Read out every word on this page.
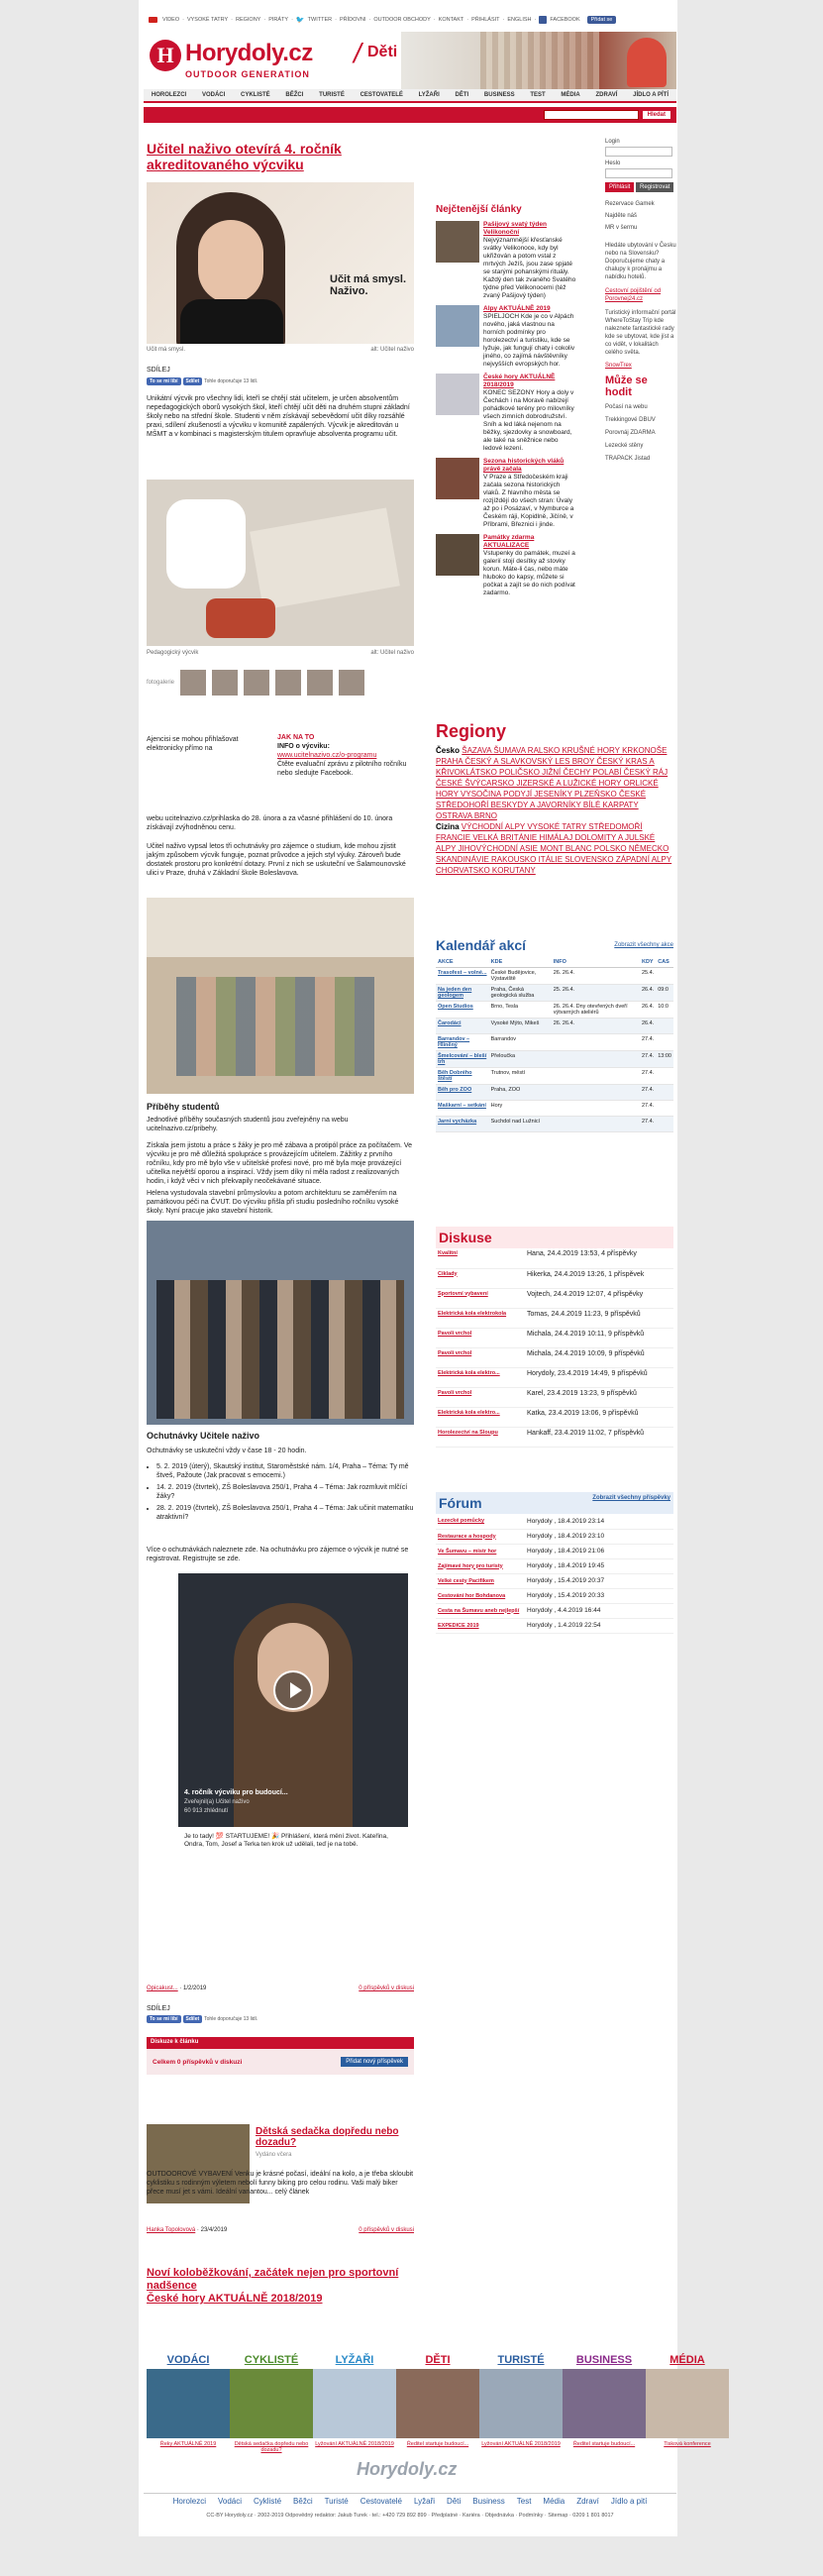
VIDEO · VYSOKÉ TATRY · REGIONY · PIRÁTY · 🐦 TWITTER · PŘÍDOVNI · OUTDOOR OBCHODY · KONTAKT · PŘIHLÁSIT · ENGLISH ·	FACEBOOK	Přidat se
H Horydoly.cz
OUTDOOR GENERATION
/ Děti
HOROLEZCI	VODÁCI	CYKLISTÉ	BĚŽCI	TURISTÉ	CESTOVATELÉ	LYŽAŘI	DĚTI	BUSINESS	TEST	MÉDIA	ZDRAVÍ	JÍDLO A PÍTÍ
Hledat
Učitel naživo otevírá 4. ročník akreditovaného výcviku
Učit má smysl. Naživo.
Učit má smysl.	alt: Učitel naživo
SDÍLEJ
To se mi líbí	Sdílet	Tohle doporučuje 13 lidí.

Unikátní výcvik pro všechny lidi, kteří se chtějí stát učitelem, je určen absolventům nepedagogických oborů vysokých škol, kteří chtějí učit děti na druhém stupni základní školy nebo na střední škole. Studenti v něm získávají sebevědomí učit díky rozsáhlé praxi, sdílení zkušeností a výcviku v komunitě zapálených. Výcvik je akreditován u MŠMT a v kombinaci s magisterským titulem opravňuje absolventa programu učit.

Pedagogický výcvik	alt: Učitel naživo
fotogalerie

Ajencisi se mohou přihlašovat elektronicky přímo na

JAK NA TO
INFO o výcviku:
www.ucitelnazivo.cz/o-programu
Čtěte evaluační zprávu z pilotního ročníku nebo sledujte Facebook.

webu ucitelnazivo.cz/prihlaska do 28. února a za včasné přihlášení do 10. února získávají zvýhodněnou cenu.

Učitel naživo vypsal letos tři ochutnávky pro zájemce o studium, kde mohou zjistit jakým způsobem výcvik funguje, poznat průvodce a jejich styl výuky. Zároveň bude dostatek prostoru pro konkrétní dotazy. První z nich se uskuteční ve Šalamounovské ulici v Praze, druhá v Základní škole Boleslavova.

Příběhy studentů

Jednotlivé příběhy současných studentů jsou zveřejněny na webu ucitelnazivo.cz/pribehy.

Získala jsem jistotu a práce s žáky je pro mě zábava a protipól práce za počítačem. Ve výcviku je pro mě důležitá spolupráce s provázejícím učitelem. Zážitky z prvního ročníku, kdy pro mě bylo vše v učitelské profesi nové, pro mě byla moje provázející učitelka největší oporou a inspirací. Vždy jsem díky ní měla radost z realizovaných hodin, i když věci v nich překvapily neočekávané situace.

Helena vystudovala stavební průmyslovku a potom architekturu se zaměřením na památkovou péči na ČVUT. Do výcviku přišla při studiu posledního ročníku vysoké školy. Nyní pracuje jako stavební historik.

Ochutnávky Učitele naživo

Ochutnávky se uskuteční vždy v čase 18 - 20 hodin.

• 5. 2. 2019 (úterý), Skautský institut, Staroměstské nám. 1/4, Praha – Téma: Ty mě štveš, Pažoute (Jak pracovat s emocemi.)
• 14. 2. 2019 (čtvrtek), ZŠ Boleslavova 250/1, Praha 4 – Téma: Jak rozmluvit mlčící žáky?
• 28. 2. 2019 (čtvrtek), ZŠ Boleslavova 250/1, Praha 4 – Téma: Jak učinit matematiku atraktivní?

Více o ochutnávkách naleznete zde. Na ochutnávku pro zájemce o výcvik je nutné se registrovat. Registrujte se zde.

4. ročník výcviku pro budoucí...
Zveřejnil(a) Učitel naživo
60 913 zhlédnutí
Je to tady! 💯 STARTUJEME! 🎉 Přihlášení, která mění život. Kateřina, Ondra, Tom, Josef a Terka ten krok už udělali, teď je na tobě.
Opicakust... · 1/2/2019	0 příspěvků v diskusi
SDÍLEJ
To se mi líbí	Sdílet	Tohle doporučuje 13 lidí.
Diskuze k článku
Celkem 0 příspěvků v diskuzi	Přidat nový příspěvek
Dětská sedačka dopředu nebo dozadu?
Vydáno včera

OUTDOOROVÉ VYBAVENÍ Venku je krásné počasí, ideální na kolo, a je třeba skloubit cyklistiku s rodinným výletem nebolí funny biking pro celou rodinu. Vaši malý biker přece musí jet s vámi. Ideální variantou... celý článek

Hanka Topolovová · 23/4/2019	0 příspěvků v diskusi
Noví koloběžkování, začátek nejen pro sportovní nadšence
České hory AKTUÁLNĚ 2018/2019
Login
Heslo
Přihlásit Registrovat
Rezervace Gamek
Najděte náš
MR v šermu

Hledáte ubytování v Česku nebo na Slovensku? Doporučujeme chaty a chalupy k pronájmu a nabídku hotelů.

Cestovní pojištění od Porovnej24.cz

Turistický informační portál WhereToStay Trip kde naleznete fantastické rady kde se ubytovat, kde jíst a co vidět, v lokalitách celého světa.

SnowTrex

Může se hodit
Počasí na webu
Trekkingové DBUV
Porovnáj ZDARMA
Lezecké stěny
TRAPACK Jistad
Nejčtenější články
Pašijový svatý týden Velikonoční
Nejvýznamnější křesťanské svátky Velikonoce, kdy byl ukřižován a potom vstal z mrtvých Ježíš, jsou zase spjaté se starými pohanskými rituály. Každý den tak zvaného Svatého týdne před Velikonocemi (též zvaný Pašijový týden)
Alpy AKTUÁLNĚ 2019
SPIELJOCH Kde je co v Alpách nového, jaká vlastnou na horních podmínky pro horolezectví a turistiku, kde se lyžuje, jak fungují chaty i cokoliv jiného, co zajímá návštěvníky nejvyšších evropských hor.
České hory AKTUÁLNĚ 2018/2019
KONEC SEZONY Hory a doly v Čechách i na Moravě nabízejí pohádkové terény pro milovníky všech zimních dobrodružství. Sníh a led láká nejenom na běžky, sjezdovky a snowboard, ale také na sněžnice nebo ledové lezení.
Sezona historických vláků právě začala
V Praze a Středočeském kraji začala sezona historických vlaků. Z hlavního města se rozjíždějí do všech stran: Úvaly až po i Posázaví, v Nymburce a Českém ráji, Kopidlně, Jičíně, v Příbrami, Březnici i jinde.
Památky zdarma AKTUALIZACE
Vstupenky do památek, muzeí a galerií stojí desítky až stovky korun. Máte-li čas, nebo máte hluboko do kapsy, můžete si počkat a zajít se do nich podívat zadarmo.
Regiony
Česko ŠAZAVA ŠUMAVA RALSKO KRUŠNÉ HORY KRKONOŠE PRAHA ČESKÝ A SLAVKOVSKÝ LES BROY ČESKÝ KRAS A KŘIVOKLÁTSKO POLIČSKO JIŽNÍ ČECHY POLABÍ ČESKÝ RÁJ ČESKÉ ŠVÝCARSKO JIZERSKÉ A LUŽICKÉ HORY ORLICKÉ HORY VYSOČINA PODYJÍ JESENÍKY PLZEŇSKO ČESKÉ STŘEDOHOŘÍ BESKYDY A JAVORNÍKY BÍLÉ KARPATY OSTRAVA BRNO
Cizina VÝCHODNÍ ALPY VYSOKÉ TATRY STŘEDOMOŘÍ FRANCIE VELKÁ BRITÁNIE HIMÁLAJ DOLOMITY A JULSKÉ ALPY JIHOVÝCHODNÍ ASIE MONT BLANC POLSKO NĚMECKO SKANDINÁVIE RAKOUSKO ITÁLIE SLOVENSKO ZÁPADNÍ ALPY CHORVATSKO KORUTANY
Kalendář akcí	Zobrazit všechny akce
AKCE	KDE	INFO	KDY	CAS
Trasofest – volné...	České Budějovice, Výstaviště	26. 26.4.	25.4.	
Na jeden den geologem	Praha, Česká geologická služba	25. 26.4.	26.4.	09:0
Open Studios	Brno, Tesla	26. 26.4. Dny otevřených dveří výtvarných ateliérů	26.4.	10:0
Čarodáci	Vysoké Mýto, Mikeš	26. 26.4.	26.4.	
Barrandov – Hliněný	Barrandov		27.4.	
Šmelcování – bleší trh	Přeloučka		27.4.	13:00
Běh Dobrého štěstí	Trutnov, městí		27.4.	
Běh pro ZOO	Praha, ZOO		27.4.	
Maškarní – setkání	Hory		27.4.	
Jarní vycházka	Suchdol nad Lužnicí		27.4.	
Diskuse
Kvalitní	Hana, 24.4.2019 13:53, 4 příspěvky
Ciklady	Hikerka, 24.4.2019 13:26, 1 příspěvek
Sportovní vybavení	Vojtech, 24.4.2019 12:07, 4 příspěvky
Elektrická kola elektrokola	Tomas, 24.4.2019 11:23, 9 příspěvků
Pavoli vrchol	Michala, 24.4.2019 10:11, 9 příspěvků
Pavoli vrchol	Michala, 24.4.2019 10:09, 9 příspěvků
Elektrická kola elektro...	Horydoly, 23.4.2019 14:49, 9 příspěvků
Pavoli vrchol	Karel, 23.4.2019 13:23, 9 příspěvků
Elektrická kola elektro...	Katka, 23.4.2019 13:06, 9 příspěvků
Horolezectví na Sloupu	Hankaff, 23.4.2019 11:02, 7 příspěvků
Fórum	Zobrazit všechny příspěvky
Lezecké pomůcky	Horydoly , 18.4.2019 23:14
Restaurace a hospody	Horydoly , 18.4.2019 23:10
Ve Šumavu – mistr hor	Horydoly , 18.4.2019 21:06
Zajímavé hory pro turisty	Horydoly , 18.4.2019 19:45
Velké cesty Pacifikem	Horydoly , 15.4.2019 20:37
Cestování hor Bohdanova	Horydoly , 15.4.2019 20:33
Cesta na Šumavu aneb nejlepší	Horydoly , 4.4.2019 16:44
EXPEDICE 2019	Horydoly , 1.4.2019 22:54
VODÁCI
Řeky AKTUÁLNĚ 2019
CYKLISTÉ
Dětská sedačka dopředu nebo dozadu?
LYŽAŘI
Lyžování AKTUÁLNĚ 2018/2019
DĚTI
Ředitel startuje budoucí...
TURISTÉ
Lyžování AKTUÁLNĚ 2018/2019
BUSINESS
Ředitel startuje budoucí...
MÉDIA
Tisková konference
Horydoly.cz
Horolezci Vodáci Cyklisté Běžci Turisté Cestovatelé Lyžaři Děti Business Test Média Zdraví Jídlo a pití
CC-BY Horydoly.cz · 2002-2019 Odpovědný redaktor: Jakub Turek · tel.: +420 729 892 899 · Předplatné · Kariéra · Objednávka · Podmínky · Sitemap · 0209 1 801 8017
